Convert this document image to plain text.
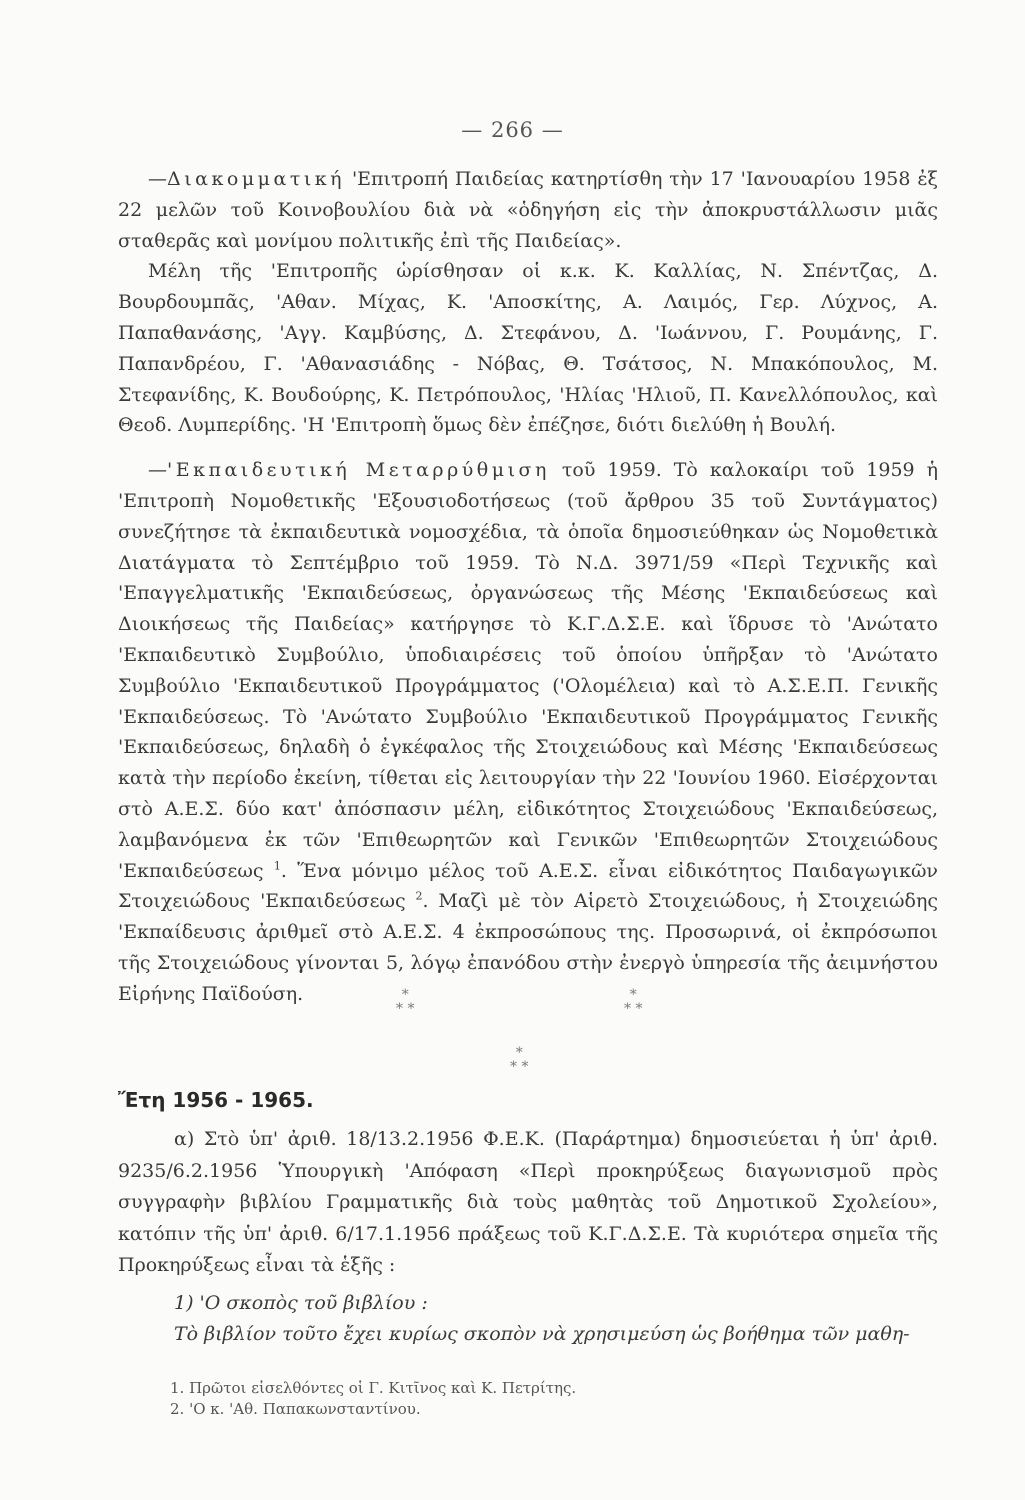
— 266 —

—Διακομματική 'Επιτροπή Παιδείας κατηρτίσθη τὴν 17 'Ιανουαρίου 1958 ἐξ 22 μελῶν τοῦ Κοινοβουλίου διὰ νὰ «ὁδηγήση εἰς τὴν ἀποκρυστάλλωσιν μιᾶς σταθερᾶς καὶ μονίμου πολιτικῆς ἐπὶ τῆς Παιδείας».

Μέλη τῆς 'Επιτροπῆς ὡρίσθησαν οἱ κ.κ. Κ. Καλλίας, Ν. Σπέντζας, Δ. Βουρδουμπᾶς, 'Αθαν. Μίχας, Κ. 'Αποσκίτης, Α. Λαιμός, Γερ. Λύχνος, Α. Παπαθανάσης, 'Αγγ. Καμβύσης, Δ. Στεφάνου, Δ. 'Ιωάννου, Γ. Ρουμάνης, Γ. Παπανδρέου, Γ. 'Αθανασιάδης - Νόβας, Θ. Τσάτσος, Ν. Μπακόπουλος, Μ. Στεφανίδης, Κ. Βουδούρης, Κ. Πετρόπουλος, 'Ηλίας 'Ηλιοῦ, Π. Κανελλόπουλος, καὶ Θεοδ. Λυμπερίδης. 'Η 'Επιτροπὴ ὅμως δὲν ἐπέζησε, διότι διελύθη ἡ Βουλή.

—'Εκπαιδευτική Μεταρρύθμιση τοῦ 1959. Τὸ καλοκαίρι τοῦ 1959 ἡ 'Επιτροπὴ Νομοθετικῆς 'Εξουσιοδοτήσεως (τοῦ ἄρθρου 35 τοῦ Συντάγματος) συνεζήτησε τὰ ἐκπαιδευτικὰ νομοσχέδια, τὰ ὁποῖα δημοσιεύθηκαν ὡς Νομοθετικὰ Διατάγματα τὸ Σεπτέμβριο τοῦ 1959. Τὸ Ν.Δ. 3971/59 «Περὶ Τεχνικῆς καὶ 'Επαγγελματικῆς 'Εκπαιδεύσεως, ὀργανώσεως τῆς Μέσης 'Εκπαιδεύσεως καὶ Διοικήσεως τῆς Παιδείας» κατήργησε τὸ Κ.Γ.Δ.Σ.Ε. καὶ ἵδρυσε τὸ 'Ανώτατο 'Εκπαιδευτικὸ Συμβούλιο, ὑποδιαιρέσεις τοῦ ὁποίου ὑπῆρξαν τὸ 'Ανώτατο Συμβούλιο 'Εκπαιδευτικοῦ Προγράμματος ('Ολομέλεια) καὶ τὸ Α.Σ.Ε.Π. Γενικῆς 'Εκπαιδεύσεως. Τὸ 'Ανώτατο Συμβούλιο 'Εκπαιδευτικοῦ Προγράμματος Γενικῆς 'Εκπαιδεύσεως, δηλαδὴ ὁ ἐγκέφαλος τῆς Στοιχειώδους καὶ Μέσης 'Εκπαιδεύσεως κατὰ τὴν περίοδο ἐκείνη, τίθεται εἰς λειτουργίαν τὴν 22 'Ιουνίου 1960. Εἰσέρχονται στὸ Α.Ε.Σ. δύο κατ' ἀπόσπασιν μέλη, εἰδικότητος Στοιχειώδους 'Εκπαιδεύσεως, λαμβανόμενα ἐκ τῶν 'Επιθεωρητῶν καὶ Γενικῶν 'Επιθεωρητῶν Στοιχειώδους 'Εκπαιδεύσεως $^1$. Ἕνα μόνιμο μέλος τοῦ Α.Ε.Σ. εἶναι εἰδικότητος Παιδαγωγικῶν Στοιχειώδους 'Εκπαιδεύσεως $^2$. Μαζὶ μὲ τὸν Αἱρετὸ Στοιχειώδους, ἡ Στοιχειώδης 'Εκπαίδευσις ἀριθμεῖ στὸ Α.Ε.Σ. 4 ἐκπροσώπους της. Προσωρινά, οἱ ἐκπρόσωποι τῆς Στοιχειώδους γίνονται 5, λόγῳ ἐπανόδου στὴν ἐνεργὸ ὑπηρεσία τῆς ἀειμνήστου Εἰρήνης Παϊδούση.	*
* *
*
* *
*
* *
Ἔτη 1956 - 1965.

α) Στὸ ὑπ' ἀριθ. 18/13.2.1956 Φ.Ε.Κ. (Παράρτημα) δημοσιεύεται ἡ ὑπ' ἀριθ. 9235/6.2.1956 Ὑπουργικὴ 'Απόφαση «Περὶ προκηρύξεως διαγωνισμοῦ πρὸς συγγραφὴν βιβλίου Γραμματικῆς διὰ τοὺς μαθητὰς τοῦ Δημοτικοῦ Σχολείου», κατόπιν τῆς ὑπ' ἀριθ. 6/17.1.1956 πράξεως τοῦ Κ.Γ.Δ.Σ.Ε. Τὰ κυριότερα σημεῖα τῆς Προκηρύξεως εἶναι τὰ ἑξῆς :

1) 'Ο σκοπὸς τοῦ βιβλίου :

Τὸ βιβλίον τοῦτο ἔχει κυρίως σκοπὸν νὰ χρησιμεύση ὡς βοήθημα τῶν μαθη-

1. Πρῶτοι εἰσελθόντες οἱ Γ. Κιτῖνος καὶ Κ. Πετρίτης.
2. 'Ο κ. 'Αθ. Παπακωνσταντίνου.
